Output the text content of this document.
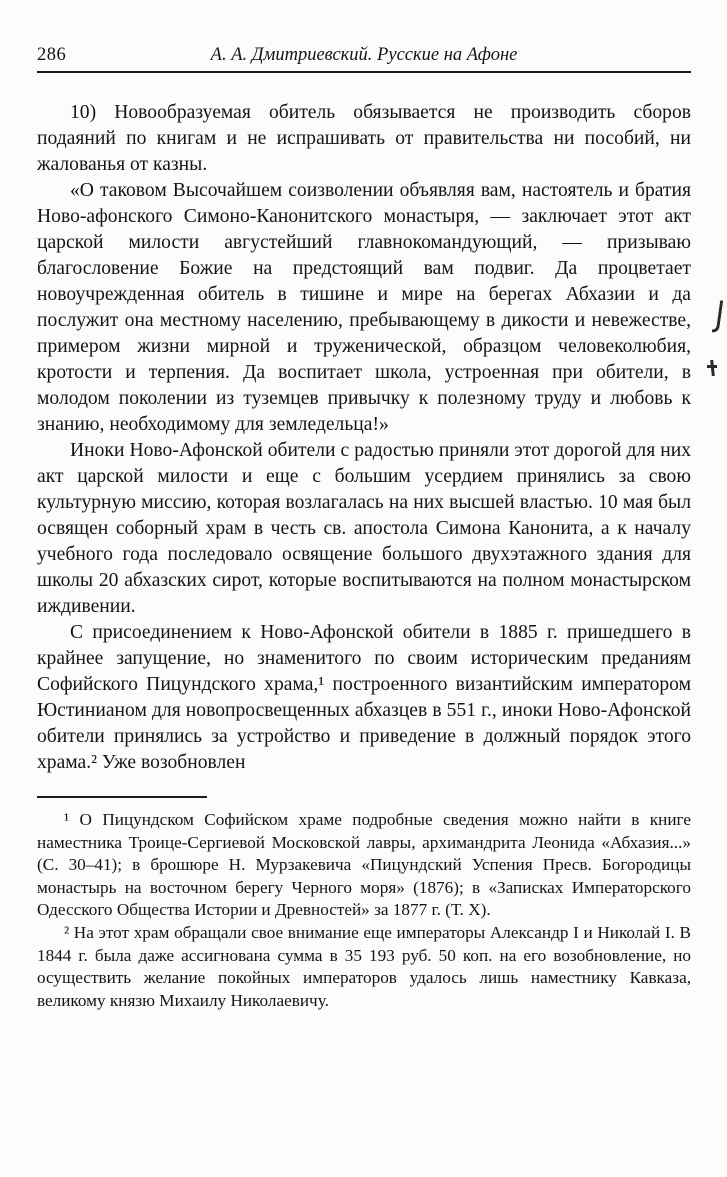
286	А. А. Дмитриевский. Русские на Афоне

10) Новообразуемая обитель обязывается не производить сборов подаяний по книгам и не испрашивать от правительства ни пособий, ни жалованья от казны.

«О таковом Высочайшем соизволении объявляя вам, настоятель и братия Ново-афонского Симоно-Канонитского монастыря, — заключает этот акт царской милости августейший главнокомандующий, — призываю благословение Божие на предстоящий вам подвиг. Да процветает новоучрежденная обитель в тишине и мире на берегах Абхазии и да послужит она местному населению, пребывающему в дикости и невежестве, примером жизни мирной и труженической, образцом человеколюбия, кротости и терпения. Да воспитает школа, устроенная при обители, в молодом поколении из туземцев привычку к полезному труду и любовь к знанию, необходимому для земледельца!»

Иноки Ново-Афонской обители с радостью приняли этот дорогой для них акт царской милости и еще с большим усердием принялись за свою культурную миссию, которая возлагалась на них высшей властью. 10 мая был освящен соборный храм в честь св. апостола Симона Канонита, а к началу учебного года последовало освящение большого двухэтажного здания для школы 20 абхазских сирот, которые воспитываются на полном монастырском иждивении.

С присоединением к Ново-Афонской обители в 1885 г. пришедшего в крайнее запущение, но знаменитого по своим историческим преданиям Софийского Пицундского храма,¹ построенного византийским императором Юстинианом для новопросвещенных абхазцев в 551 г., иноки Ново-Афонской обители принялись за устройство и приведение в должный порядок этого храма.² Уже возобновлен

¹ О Пицундском Софийском храме подробные сведения можно найти в книге наместника Троице-Сергиевой Московской лавры, архимандрита Леонида «Абхазия...» (С. 30–41); в брошюре Н. Мурзакевича «Пицундский Успения Пресв. Богородицы монастырь на восточном берегу Черного моря» (1876); в «Записках Императорского Одесского Общества Истории и Древностей» за 1877 г. (Т. X).

² На этот храм обращали свое внимание еще императоры Александр I и Николай I. В 1844 г. была даже ассигнована сумма в 35 193 руб. 50 коп. на его возобновление, но осуществить желание покойных императоров удалось лишь наместнику Кавказа, великому князю Михаилу Николаевичу.
